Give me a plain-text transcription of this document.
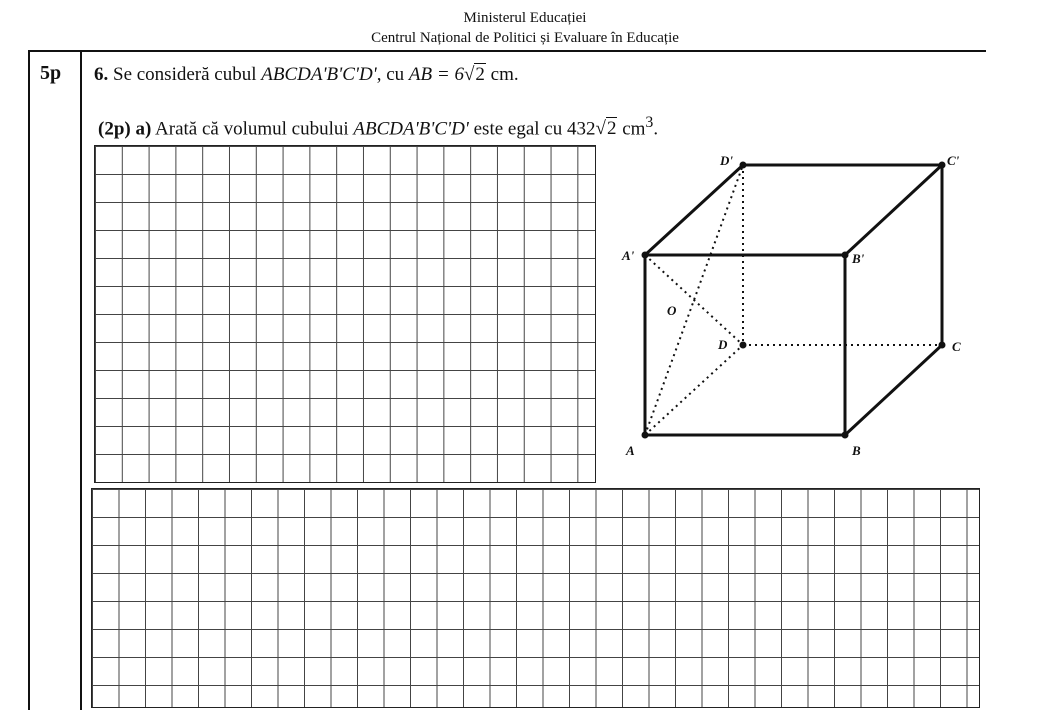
Ministerul Educației
Centrul Național de Politici și Evaluare în Educație
5p 6. Se consideră cubul ABCDA'B'C'D', cu AB = 6√2 cm.
(2p) a) Arată că volumul cubului ABCDA'B'C'D' este egal cu 432√2 $cm^3$.
A	B
C
D
A'	B'
C'
D'
O
